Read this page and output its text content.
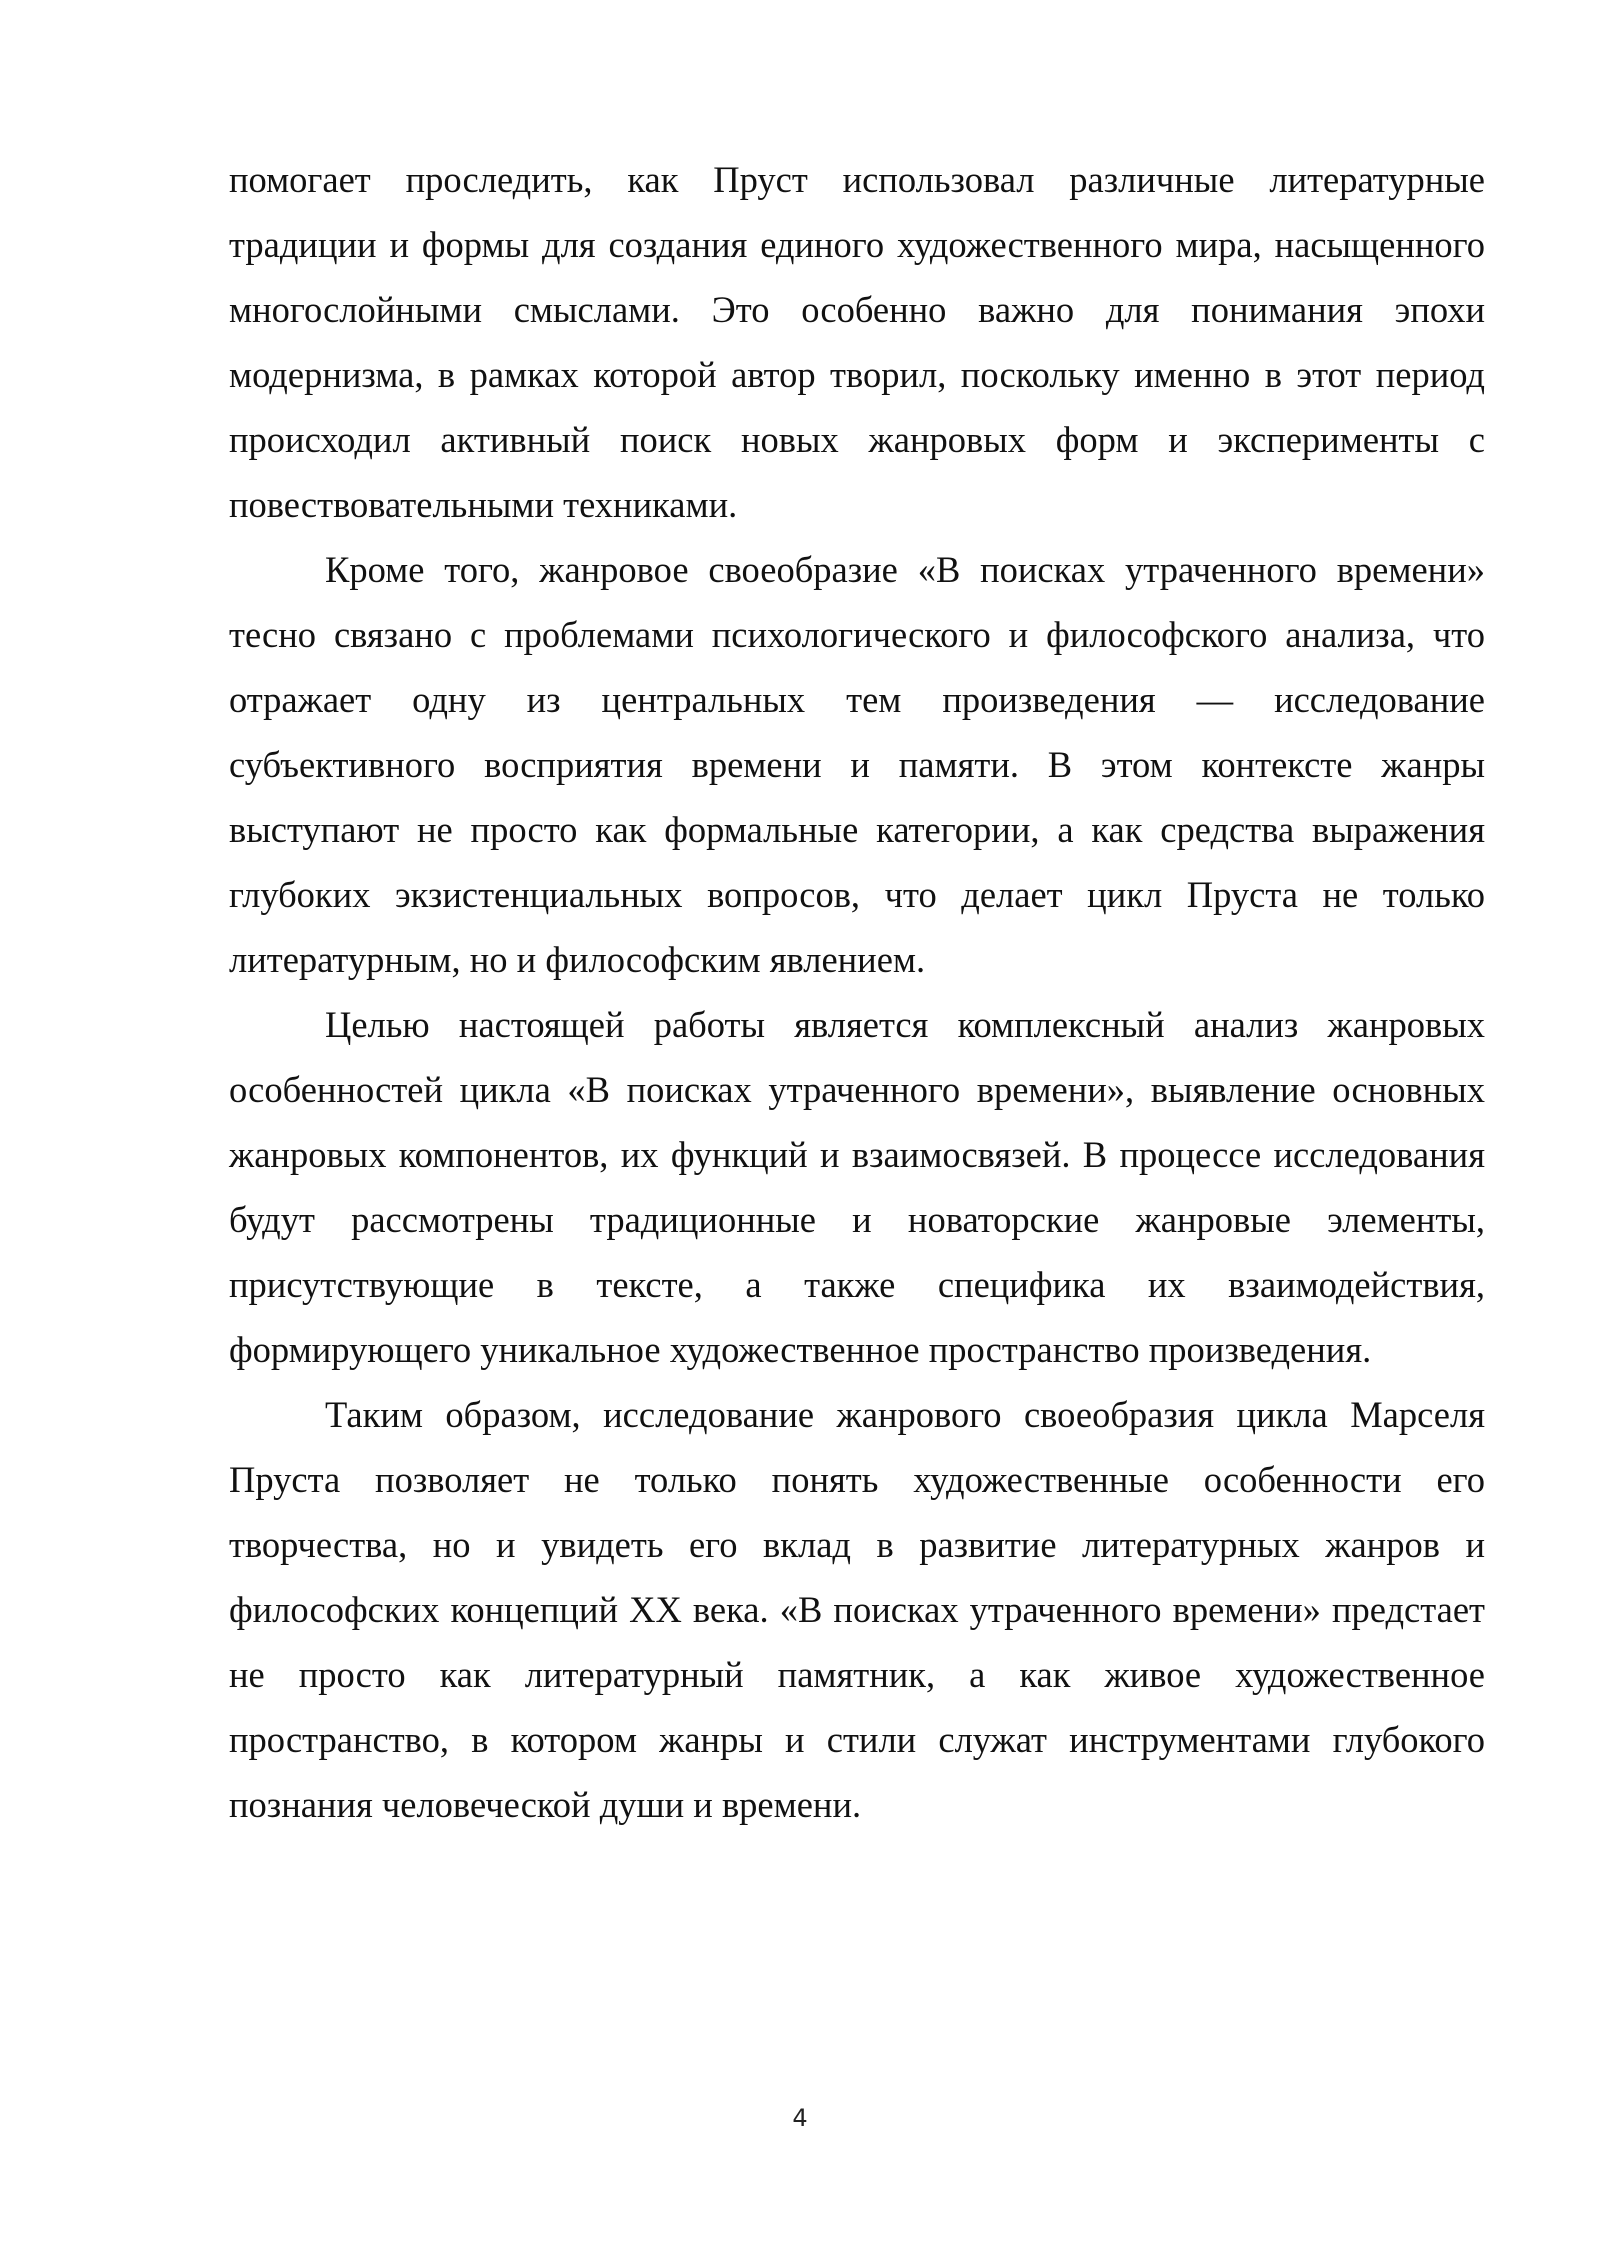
помогает проследить, как Пруст использовал различные литературные традиции и формы для создания единого художественного мира, насыщенного многослойными смыслами. Это особенно важно для понимания эпохи модернизма, в рамках которой автор творил, поскольку именно в этот период происходил активный поиск новых жанровых форм и эксперименты с повествовательными техниками.

Кроме того, жанровое своеобразие «В поисках утраченного времени» тесно связано с проблемами психологического и философского анализа, что отражает одну из центральных тем произведения — исследование субъективного восприятия времени и памяти. В этом контексте жанры выступают не просто как формальные категории, а как средства выражения глубоких экзистенциальных вопросов, что делает цикл Пруста не только литературным, но и философским явлением.

Целью настоящей работы является комплексный анализ жанровых особенностей цикла «В поисках утраченного времени», выявление основных жанровых компонентов, их функций и взаимосвязей. В процессе исследования будут рассмотрены традиционные и новаторские жанровые элементы, присутствующие в тексте, а также специфика их взаимодействия, формирующего уникальное художественное пространство произведения.

Таким образом, исследование жанрового своеобразия цикла Марселя Пруста позволяет не только понять художественные особенности его творчества, но и увидеть его вклад в развитие литературных жанров и философских концепций XX века. «В поисках утраченного времени» предстает не просто как литературный памятник, а как живое художественное пространство, в котором жанры и стили служат инструментами глубокого познания человеческой души и времени.

4
